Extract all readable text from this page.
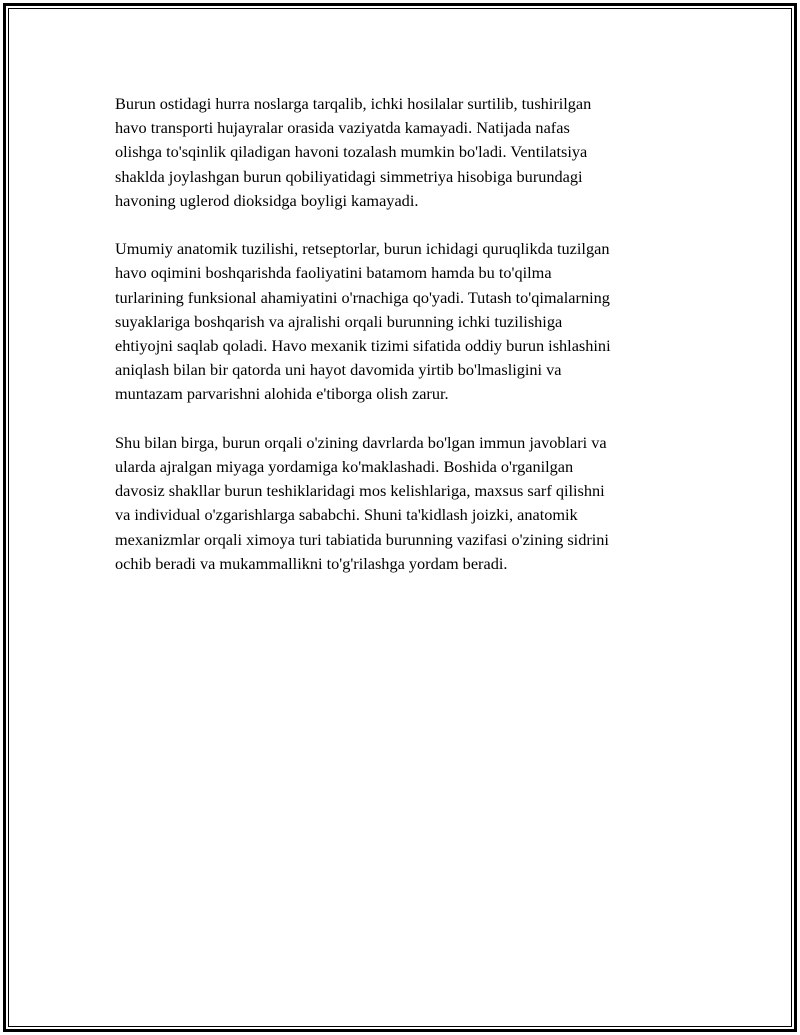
Burun ostidagi hurra noslarga tarqalib, ichki hosilalar surtilib, tushirilgan
havo transporti hujayralar orasida vaziyatda kamayadi. Natijada nafas
olishga to'sqinlik qiladigan havoni tozalash mumkin bo'ladi. Ventilatsiya
shaklda joylashgan burun qobiliyatidagi simmetriya hisobiga burundagi
havoning uglerod dioksidga boyligi kamayadi.

Umumiy anatomik tuzilishi, retseptorlar, burun ichidagi quruqlikda tuzilgan
havo oqimini boshqarishda faoliyatini batamom hamda bu to'qilma
turlarining funksional ahamiyatini o'rnachiga qo'yadi. Tutash to'qimalarning
suyaklariga boshqarish va ajralishi orqali burunning ichki tuzilishiga
ehtiyojni saqlab qoladi. Havo mexanik tizimi sifatida oddiy burun ishlashini
aniqlash bilan bir qatorda uni hayot davomida yirtib bo'lmasligini va
muntazam parvarishni alohida e'tiborga olish zarur.

Shu bilan birga, burun orqali o'zining davrlarda bo'lgan immun javoblari va
ularda ajralgan miyaga yordamiga ko'maklashadi. Boshida o'rganilgan
davosiz shakllar burun teshiklaridagi mos kelishlariga, maxsus sarf qilishni
va individual o'zgarishlarga sababchi. Shuni ta'kidlash joizki, anatomik
mexanizmlar orqali ximoya turi tabiatida burunning vazifasi o'zining sidrini
ochib beradi va mukammallikni to'g'rilashga yordam beradi.
